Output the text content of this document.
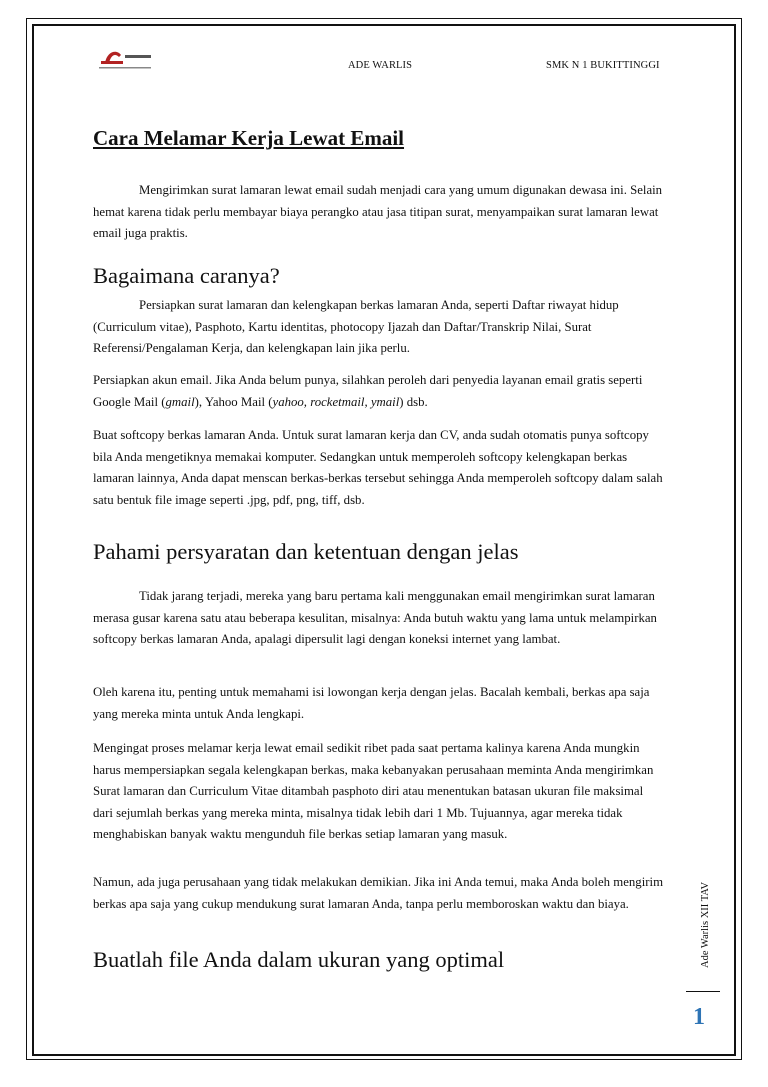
ADE WARLIS	SMK N 1 BUKITTINGGI
Cara Melamar Kerja Lewat Email

Mengirimkan surat lamaran lewat email sudah menjadi cara yang umum digunakan dewasa ini. Selain hemat karena tidak perlu membayar biaya perangko atau jasa titipan surat, menyampaikan surat lamaran lewat email juga praktis.

Bagaimana caranya?

Persiapkan surat lamaran dan kelengkapan berkas lamaran Anda, seperti Daftar riwayat hidup (Curriculum vitae), Pasphoto, Kartu identitas, photocopy Ijazah dan Daftar/Transkrip Nilai, Surat Referensi/Pengalaman Kerja, dan kelengkapan lain jika perlu.

Persiapkan akun email. Jika Anda belum punya, silahkan peroleh dari penyedia layanan email gratis seperti Google Mail (gmail), Yahoo Mail (yahoo, rocketmail, ymail) dsb.

Buat softcopy berkas lamaran Anda. Untuk surat lamaran kerja dan CV, anda sudah otomatis punya softcopy bila Anda mengetiknya memakai komputer. Sedangkan untuk memperoleh softcopy kelengkapan berkas lamaran lainnya, Anda dapat menscan berkas-berkas tersebut sehingga Anda memperoleh softcopy dalam salah satu bentuk file image seperti .jpg, pdf, png, tiff, dsb.

Pahami persyaratan dan ketentuan dengan jelas

Tidak jarang terjadi, mereka yang baru pertama kali menggunakan email mengirimkan surat lamaran merasa gusar karena satu atau beberapa kesulitan, misalnya: Anda butuh waktu yang lama untuk melampirkan softcopy berkas lamaran Anda, apalagi dipersulit lagi dengan koneksi internet yang lambat.

Oleh karena itu, penting untuk memahami isi lowongan kerja dengan jelas. Bacalah kembali, berkas apa saja yang mereka minta untuk Anda lengkapi.

Mengingat proses melamar kerja lewat email sedikit ribet pada saat pertama kalinya karena Anda mungkin harus mempersiapkan segala kelengkapan berkas, maka kebanyakan perusahaan meminta Anda mengirimkan Surat lamaran dan Curriculum Vitae ditambah pasphoto diri atau menentukan batasan ukuran file maksimal dari sejumlah berkas yang mereka minta, misalnya tidak lebih dari 1 Mb. Tujuannya, agar mereka tidak menghabiskan banyak waktu mengunduh file berkas setiap lamaran yang masuk.

Namun, ada juga perusahaan yang tidak melakukan demikian. Jika ini Anda temui, maka Anda boleh mengirim berkas apa saja yang cukup mendukung surat lamaran Anda, tanpa perlu memboroskan waktu dan biaya.

Buatlah file Anda dalam ukuran yang optimal	Ade Warlis XII TAV
1
